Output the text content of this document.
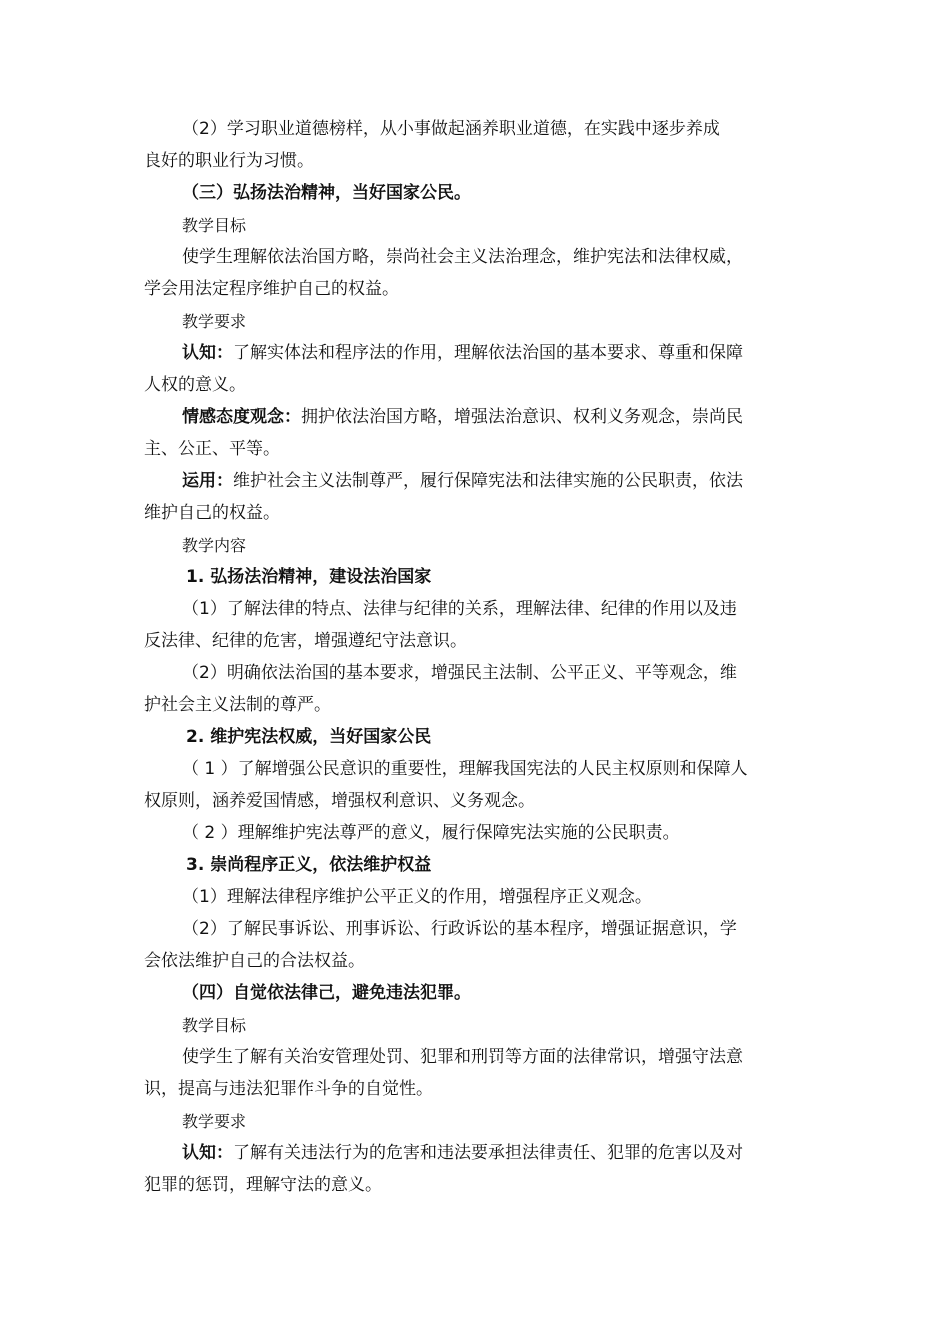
（2）学习职业道德榜样，从小事做起涵养职业道德，在实践中逐步养成
良好的职业行为习惯。
（三）弘扬法治精神，当好国家公民。
教学目标
使学生理解依法治国方略，崇尚社会主义法治理念，维护宪法和法律权威，
学会用法定程序维护自己的权益。
教学要求
认知：了解实体法和程序法的作用，理解依法治国的基本要求、尊重和保障
人权的意义。
情感态度观念：拥护依法治国方略，增强法治意识、权利义务观念，崇尚民
主、公正、平等。
运用：维护社会主义法制尊严，履行保障宪法和法律实施的公民职责，依法
维护自己的权益。
教学内容
1. 弘扬法治精神，建设法治国家
（1）了解法律的特点、法律与纪律的关系，理解法律、纪律的作用以及违
反法律、纪律的危害，增强遵纪守法意识。
（2）明确依法治国的基本要求，增强民主法制、公平正义、平等观念，维
护社会主义法制的尊严。
2. 维护宪法权威，当好国家公民
（ 1 ）了解增强公民意识的重要性，理解我国宪法的人民主权原则和保障人
权原则，涵养爱国情感，增强权利意识、义务观念。
（ 2 ）理解维护宪法尊严的意义，履行保障宪法实施的公民职责。
3. 崇尚程序正义，依法维护权益
（1）理解法律程序维护公平正义的作用，增强程序正义观念。
（2）了解民事诉讼、刑事诉讼、行政诉讼的基本程序，增强证据意识，学
会依法维护自己的合法权益。
（四）自觉依法律己，避免违法犯罪。
教学目标
使学生了解有关治安管理处罚、犯罪和刑罚等方面的法律常识，增强守法意
识，提高与违法犯罪作斗争的自觉性。
教学要求
认知：了解有关违法行为的危害和违法要承担法律责任、犯罪的危害以及对
犯罪的惩罚，理解守法的意义。
